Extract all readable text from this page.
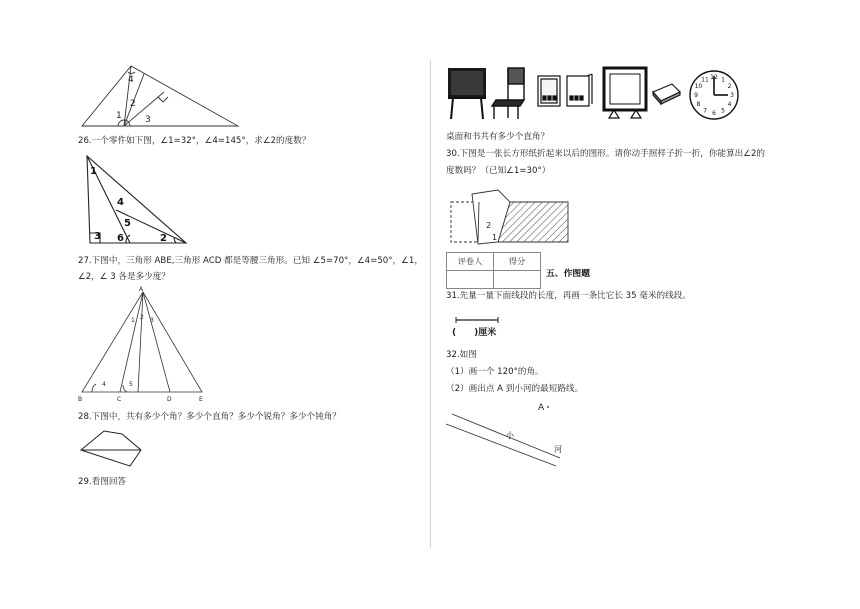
4
2
1	3
26.一个零件如下图，∠1=32°，∠4=145°，求∠2的度数？
1
4
5
3 6	2
27.下图中，三角形 ABE,三角形 ACD 都是等腰三角形。已知 ∠5=70°，∠4=50°，∠1，
∠2，∠ 3 各是多少度？
1 2 3
4	5
A
B	C	D	E
28.下图中，共有多少个角？多少个直角？多少个锐角？多少个钝角？
29.看图回答
12 1
2
3
4
5
6
7
8
9
10
11
桌面和书共有多少个直角？
30.下图是一张长方形纸折起来以后的图形。请你动手照样子折一折，你能算出∠2的
度数吗？（已知∠1=30°）
2
1
评卷人	得分

五、作图题
31.先量一量下面线段的长度，再画一条比它长 35 毫米的线段。
(　　)厘米
32.如图
（1）画一个 120°的角。
（2）画出点 A 到小河的最短路线。
A
小
河
